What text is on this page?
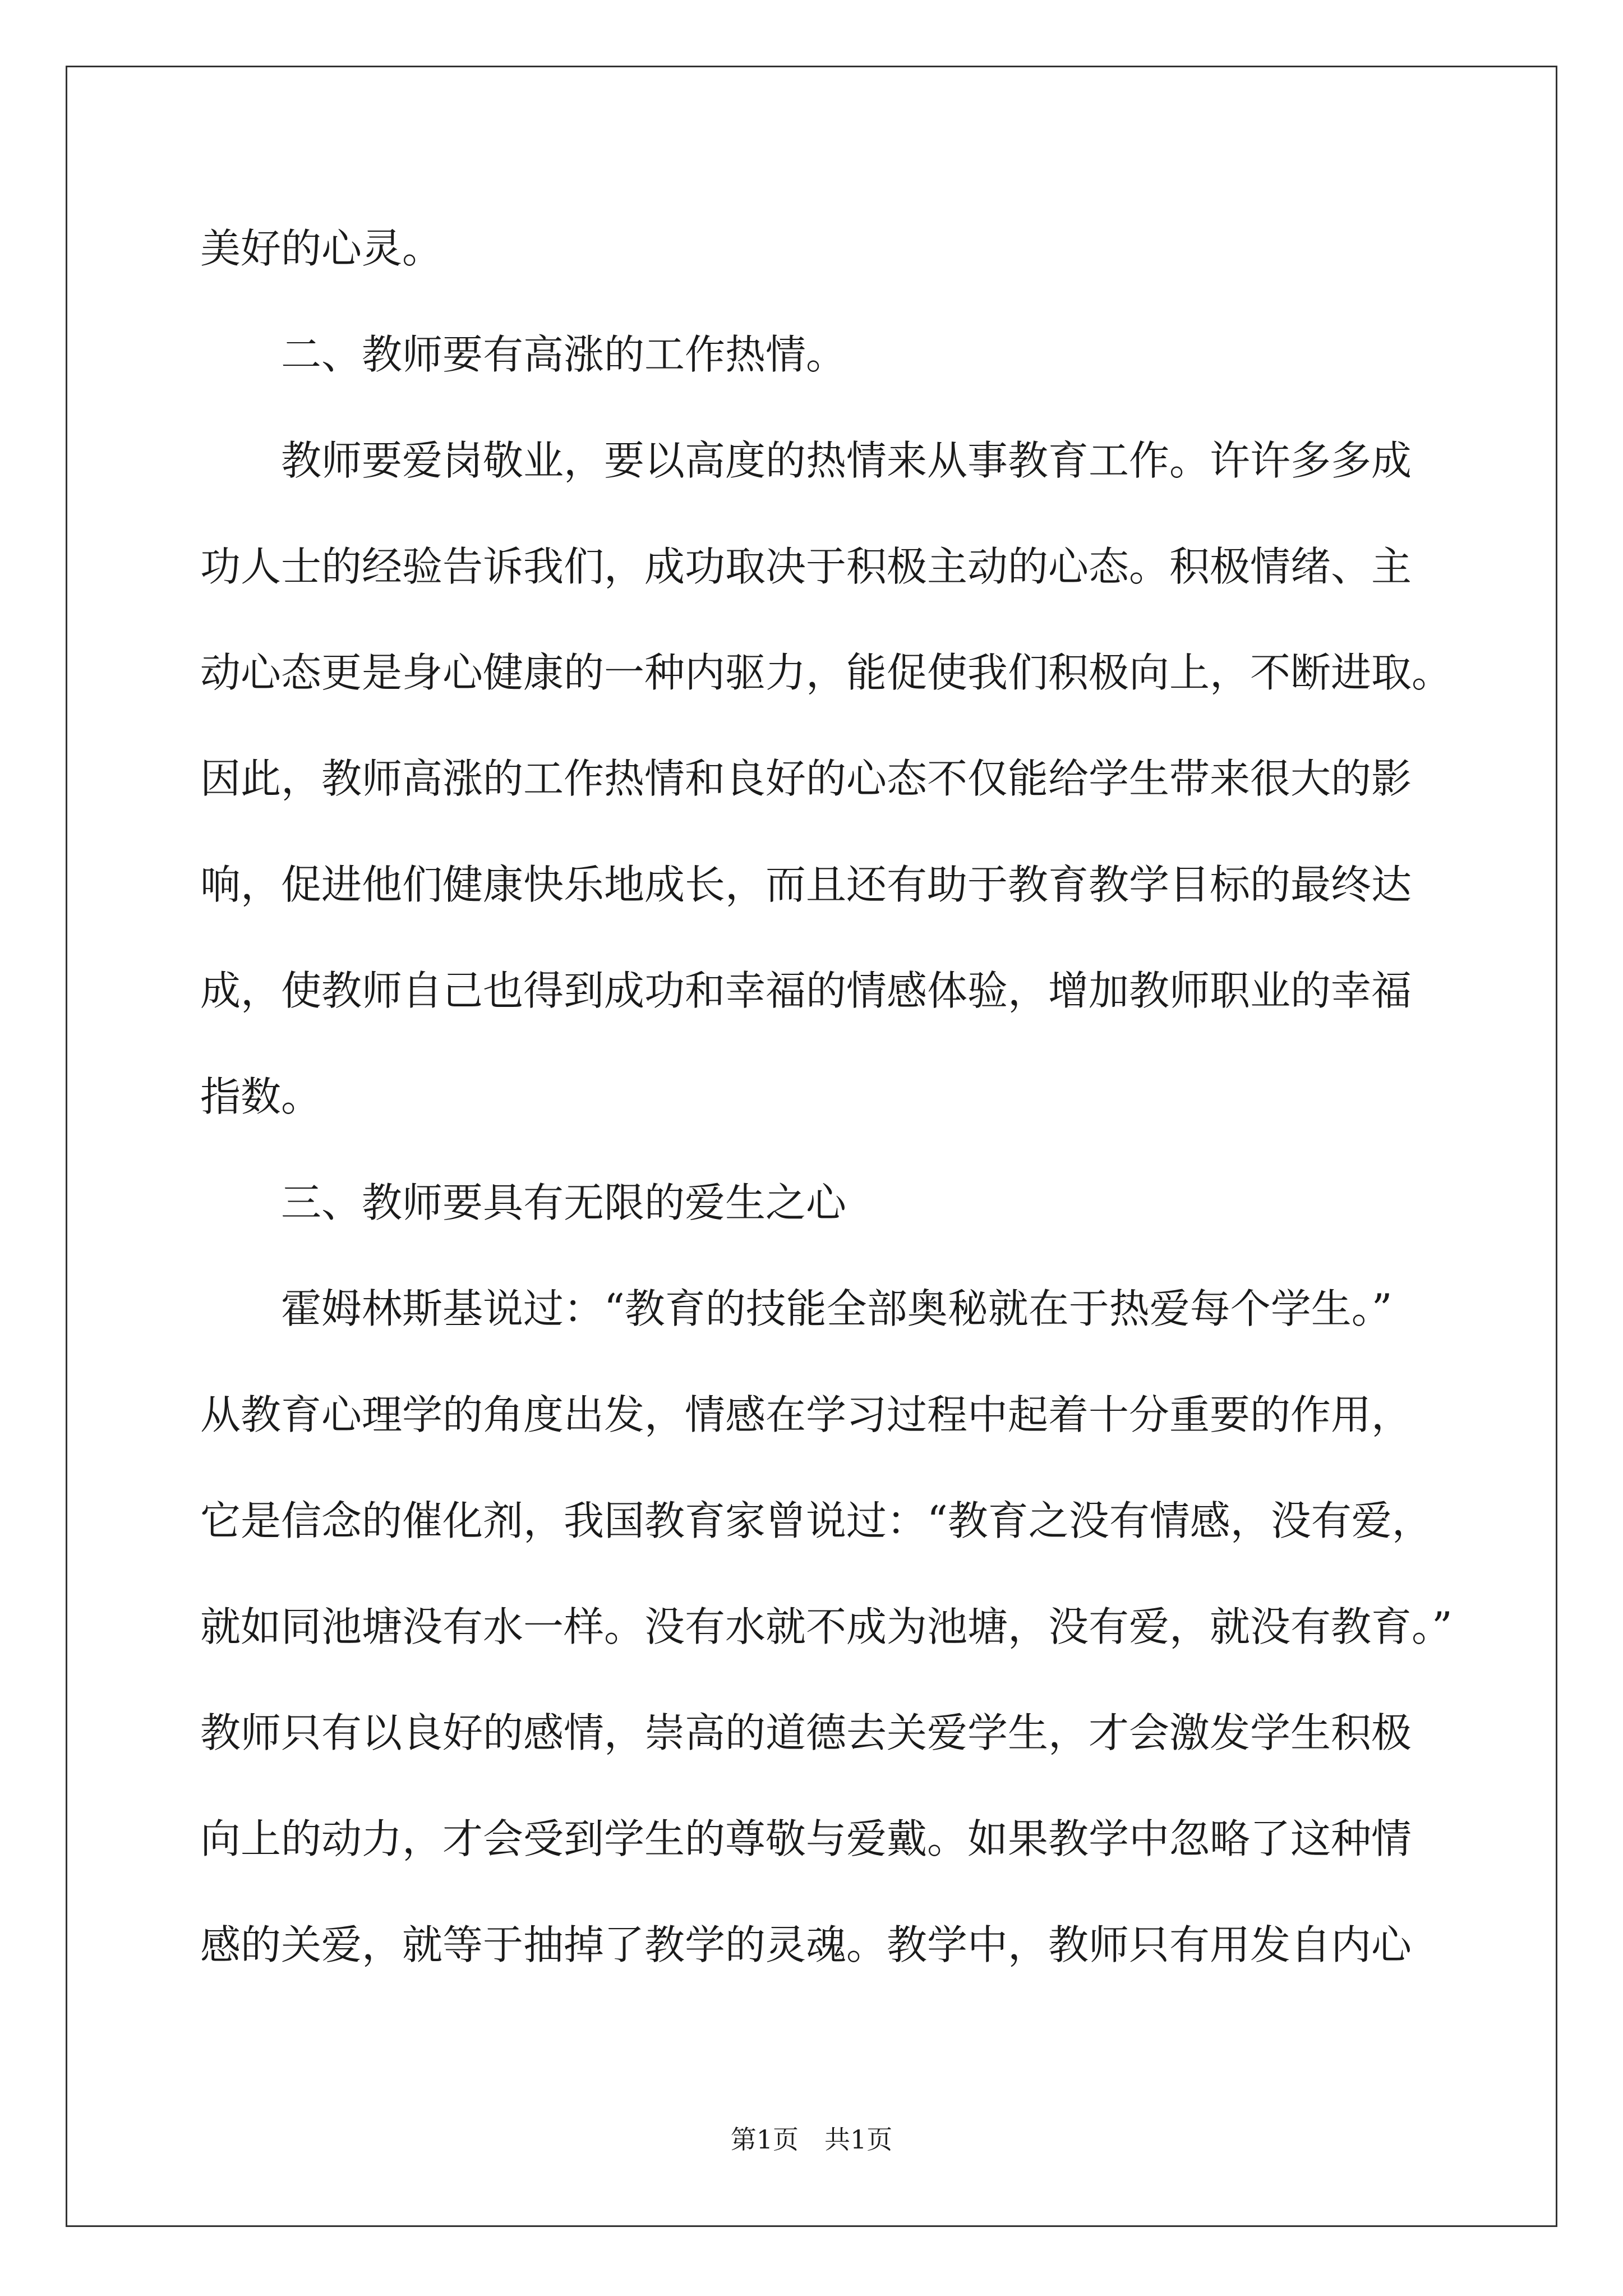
美好的心灵。
二、教师要有高涨的工作热情。
教师要爱岗敬业，要以高度的热情来从事教育工作。许许多多成
功人士的经验告诉我们，成功取决于积极主动的心态。积极情绪、主
动心态更是身心健康的一种内驱力，能促使我们积极向上，不断进取。
因此，教师高涨的工作热情和良好的心态不仅能给学生带来很大的影
响，促进他们健康快乐地成长，而且还有助于教育教学目标的最终达
成，使教师自己也得到成功和幸福的情感体验，增加教师职业的幸福
指数。
三、教师要具有无限的爱生之心
霍姆林斯基说过：“教育的技能全部奥秘就在于热爱每个学生。”
从教育心理学的角度出发，情感在学习过程中起着十分重要的作用，
它是信念的催化剂，我国教育家曾说过：“教育之没有情感，没有爱，
就如同池塘没有水一样。没有水就不成为池塘，没有爱，就没有教育。”
教师只有以良好的感情，崇高的道德去关爱学生，才会激发学生积极
向上的动力，才会受到学生的尊敬与爱戴。如果教学中忽略了这种情
感的关爱，就等于抽掉了教学的灵魂。教学中，教师只有用发自内心
第1页　共1页
